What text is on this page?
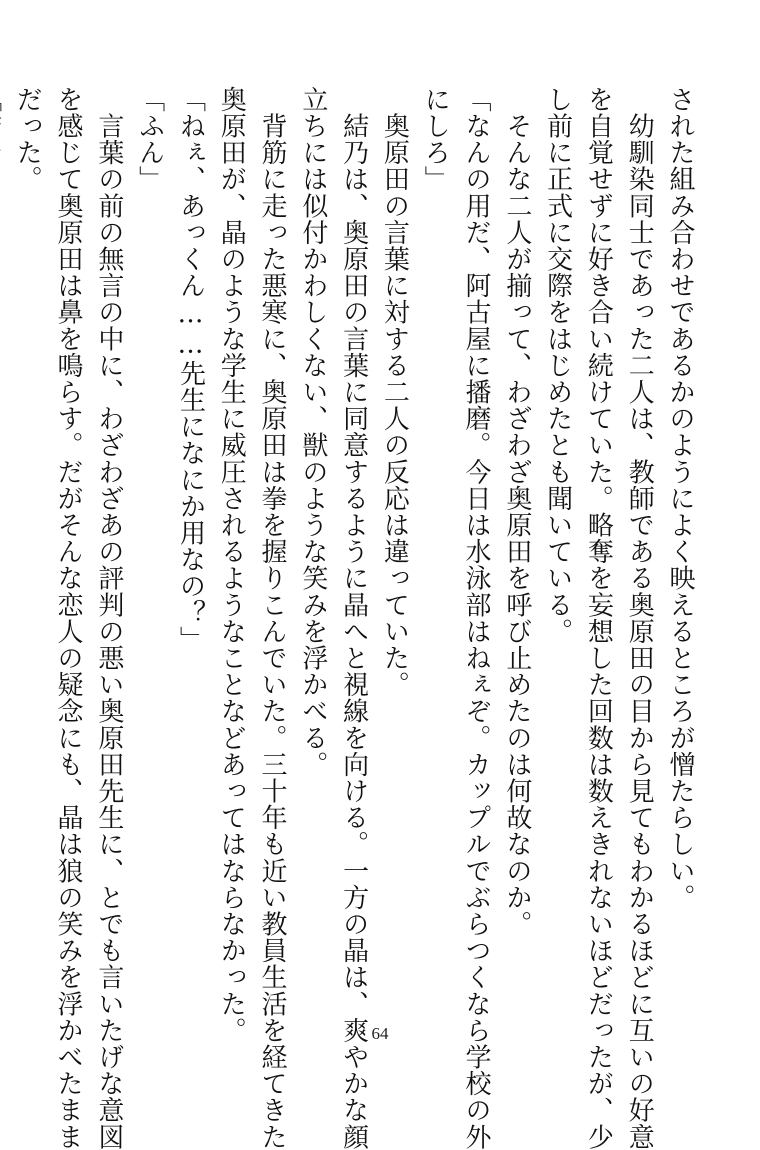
された組み合わせであるかのようによく映えるところが憎たらしい。
　幼馴染同士であった二人は、教師である奥原田の目から見てもわかるほどに互いの好意
を自覚せずに好き合い続けていた。略奪を妄想した回数は数えきれないほどだったが、少
し前に正式に交際をはじめたとも聞いている。
　そんな二人が揃って、わざわざ奥原田を呼び止めたのは何故なのか。
「なんの用だ、阿古屋に播磨。今日は水泳部はねぇぞ。カップルでぶらつくなら学校の外
にしろ」
　奥原田の言葉に対する二人の反応は違っていた。
　結乃は、奥原田の言葉に同意するように晶へと視線を向ける。一方の晶は、爽やかな顔
立ちには似付かわしくない、獣のような笑みを浮かべる。
　背筋に走った悪寒に、奥原田は拳を握りこんでいた。三十年も近い教員生活を経てきた
奥原田が、晶のような学生に威圧されるようなことなどあってはならなかった。
「ねぇ、あっくん……先生になにか用なの？」
「ふん」
　言葉の前の無言の中に、わざわざあの評判の悪い奥原田先生に、とでも言いたげな意図
を感じて奥原田は鼻を鳴らす。だがそんな恋人の疑念にも、晶は狼の笑みを浮かべたまま
だった。
64
